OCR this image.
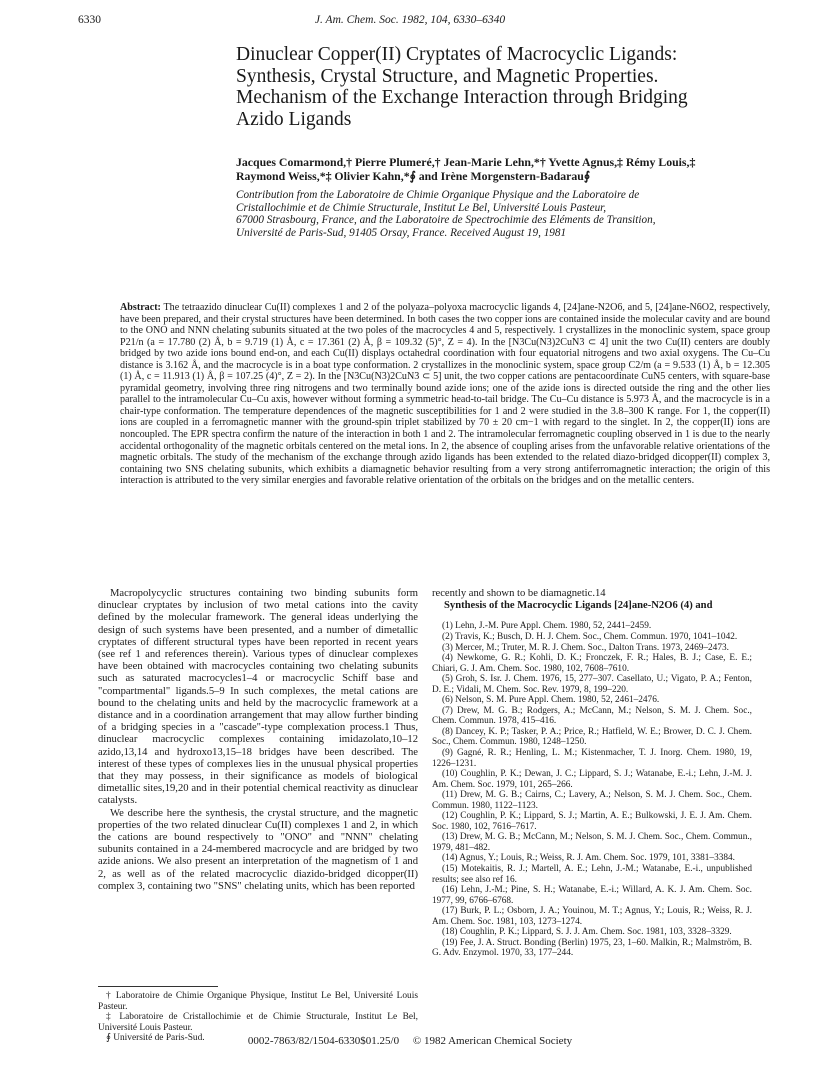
6330	J. Am. Chem. Soc. 1982, 104, 6330–6340
Dinuclear Copper(II) Cryptates of Macrocyclic Ligands:
Synthesis, Crystal Structure, and Magnetic Properties.
Mechanism of the Exchange Interaction through Bridging
Azido Ligands
Jacques Comarmond,† Pierre Plumeré,† Jean-Marie Lehn,*† Yvette Agnus,‡ Rémy Louis,‡
Raymond Weiss,*‡ Olivier Kahn,*∮ and Irène Morgenstern-Badarau∮
Contribution from the Laboratoire de Chimie Organique Physique and the Laboratoire de
Cristallochimie et de Chimie Structurale, Institut Le Bel, Université Louis Pasteur,
67000 Strasbourg, France, and the Laboratoire de Spectrochimie des Eléments de Transition,
Université de Paris-Sud, 91405 Orsay, France. Received August 19, 1981
Abstract: The tetraazido dinuclear Cu(II) complexes 1 and 2 of the polyaza–polyoxa macrocyclic ligands 4, [24]ane-N2O6, and 5, [24]ane-N6O2, respectively, have been prepared, and their crystal structures have been determined. In both cases the two copper ions are contained inside the molecular cavity and are bound to the ONO and NNN chelating subunits situated at the two poles of the macrocycles 4 and 5, respectively. 1 crystallizes in the monoclinic system, space group P21/n (a = 17.780 (2) Å, b = 9.719 (1) Å, c = 17.361 (2) Å, β = 109.32 (5)°, Z = 4). In the [N3Cu(N3)2CuN3 ⊂ 4] unit the two Cu(II) centers are doubly bridged by two azide ions bound end-on, and each Cu(II) displays octahedral coordination with four equatorial nitrogens and two axial oxygens. The Cu–Cu distance is 3.162 Å, and the macrocycle is in a boat type conformation. 2 crystallizes in the monoclinic system, space group C2/m (a = 9.533 (1) Å, b = 12.305 (1) Å, c = 11.913 (1) Å, β = 107.25 (4)°, Z = 2). In the [N3Cu(N3)2CuN3 ⊂ 5] unit, the two copper cations are pentacoordinate CuN5 centers, with square-base pyramidal geometry, involving three ring nitrogens and two terminally bound azide ions; one of the azide ions is directed outside the ring and the other lies parallel to the intramolecular Cu–Cu axis, however without forming a symmetric head-to-tail bridge. The Cu–Cu distance is 5.973 Å, and the macrocycle is in a chair-type conformation. The temperature dependences of the magnetic susceptibilities for 1 and 2 were studied in the 3.8–300 K range. For 1, the copper(II) ions are coupled in a ferromagnetic manner with the ground-spin triplet stabilized by 70 ± 20 cm−1 with regard to the singlet. In 2, the copper(II) ions are noncoupled. The EPR spectra confirm the nature of the interaction in both 1 and 2. The intramolecular ferromagnetic coupling observed in 1 is due to the nearly accidental orthogonality of the magnetic orbitals centered on the metal ions. In 2, the absence of coupling arises from the unfavorable relative orientations of the magnetic orbitals. The study of the mechanism of the exchange through azido ligands has been extended to the related diazo-bridged dicopper(II) complex 3, containing two SNS chelating subunits, which exhibits a diamagnetic behavior resulting from a very strong antiferromagnetic interaction; the origin of this interaction is attributed to the very similar energies and favorable relative orientation of the orbitals on the bridges and on the metallic centers.

Macropolycyclic structures containing two binding subunits form dinuclear cryptates by inclusion of two metal cations into the cavity defined by the molecular framework. The general ideas underlying the design of such systems have been presented, and a number of dimetallic cryptates of different structural types have been reported in recent years (see ref 1 and references therein). Various types of dinuclear complexes have been obtained with macrocycles containing two chelating subunits such as saturated macrocycles1–4 or macrocyclic Schiff base and "compartmental" ligands.5–9 In such complexes, the metal cations are bound to the chelating units and held by the macrocyclic framework at a distance and in a coordination arrangement that may allow further binding of a bridging species in a "cascade"-type complexation process.1 Thus, dinuclear macrocyclic complexes containing imidazolato,10–12 azido,13,14 and hydroxo13,15–18 bridges have been described. The interest of these types of complexes lies in the unusual physical properties that they may possess, in their significance as models of biological dimetallic sites,19,20 and in their potential chemical reactivity as dinuclear catalysts.

We describe here the synthesis, the crystal structure, and the magnetic properties of the two related dinuclear Cu(II) complexes 1 and 2, in which the cations are bound respectively to "ONO" and "NNN" chelating subunits contained in a 24-membered macrocycle and are bridged by two azide anions. We also present an interpretation of the magnetism of 1 and 2, as well as of the related macrocyclic diazido-bridged dicopper(II) complex 3, containing two "SNS" chelating units, which has been reported

† Laboratoire de Chimie Organique Physique, Institut Le Bel, Université Louis Pasteur.
‡ Laboratoire de Cristallochimie et de Chimie Structurale, Institut Le Bel, Université Louis Pasteur.
∮ Université de Paris-Sud.

recently and shown to be diamagnetic.14

Synthesis of the Macrocyclic Ligands [24]ane-N2O6 (4) and

(1) Lehn, J.-M. Pure Appl. Chem. 1980, 52, 2441–2459.
(2) Travis, K.; Busch, D. H. J. Chem. Soc., Chem. Commun. 1970, 1041–1042.
(3) Mercer, M.; Truter, M. R. J. Chem. Soc., Dalton Trans. 1973, 2469–2473.
(4) Newkome, G. R.; Kohli, D. K.; Fronczek, F. R.; Hales, B. J.; Case, E. E.; Chiari, G. J. Am. Chem. Soc. 1980, 102, 7608–7610.
(5) Groh, S. Isr. J. Chem. 1976, 15, 277–307. Casellato, U.; Vigato, P. A.; Fenton, D. E.; Vidali, M. Chem. Soc. Rev. 1979, 8, 199–220.
(6) Nelson, S. M. Pure Appl. Chem. 1980, 52, 2461–2476.
(7) Drew, M. G. B.; Rodgers, A.; McCann, M.; Nelson, S. M. J. Chem. Soc., Chem. Commun. 1978, 415–416.
(8) Dancey, K. P.; Tasker, P. A.; Price, R.; Hatfield, W. E.; Brower, D. C. J. Chem. Soc., Chem. Commun. 1980, 1248–1250.
(9) Gagné, R. R.; Henling, L. M.; Kistenmacher, T. J. Inorg. Chem. 1980, 19, 1226–1231.
(10) Coughlin, P. K.; Dewan, J. C.; Lippard, S. J.; Watanabe, E.-i.; Lehn, J.-M. J. Am. Chem. Soc. 1979, 101, 265–266.
(11) Drew, M. G. B.; Cairns, C.; Lavery, A.; Nelson, S. M. J. Chem. Soc., Chem. Commun. 1980, 1122–1123.
(12) Coughlin, P. K.; Lippard, S. J.; Martin, A. E.; Bulkowski, J. E. J. Am. Chem. Soc. 1980, 102, 7616–7617.
(13) Drew, M. G. B.; McCann, M.; Nelson, S. M. J. Chem. Soc., Chem. Commun., 1979, 481–482.
(14) Agnus, Y.; Louis, R.; Weiss, R. J. Am. Chem. Soc. 1979, 101, 3381–3384.
(15) Motekaitis, R. J.; Martell, A. E.; Lehn, J.-M.; Watanabe, E.-i., unpublished results; see also ref 16.
(16) Lehn, J.-M.; Pine, S. H.; Watanabe, E.-i.; Willard, A. K. J. Am. Chem. Soc. 1977, 99, 6766–6768.
(17) Burk, P. L.; Osborn, J. A.; Youinou, M. T.; Agnus, Y.; Louis, R.; Weiss, R. J. Am. Chem. Soc. 1981, 103, 1273–1274.
(18) Coughlin, P. K.; Lippard, S. J. J. Am. Chem. Soc. 1981, 103, 3328–3329.
(19) Fee, J. A. Struct. Bonding (Berlin) 1975, 23, 1–60. Malkin, R.; Malmström, B. G. Adv. Enzymol. 1970, 33, 177–244.
0002-7863/82/1504-6330$01.25/0 © 1982 American Chemical Society
